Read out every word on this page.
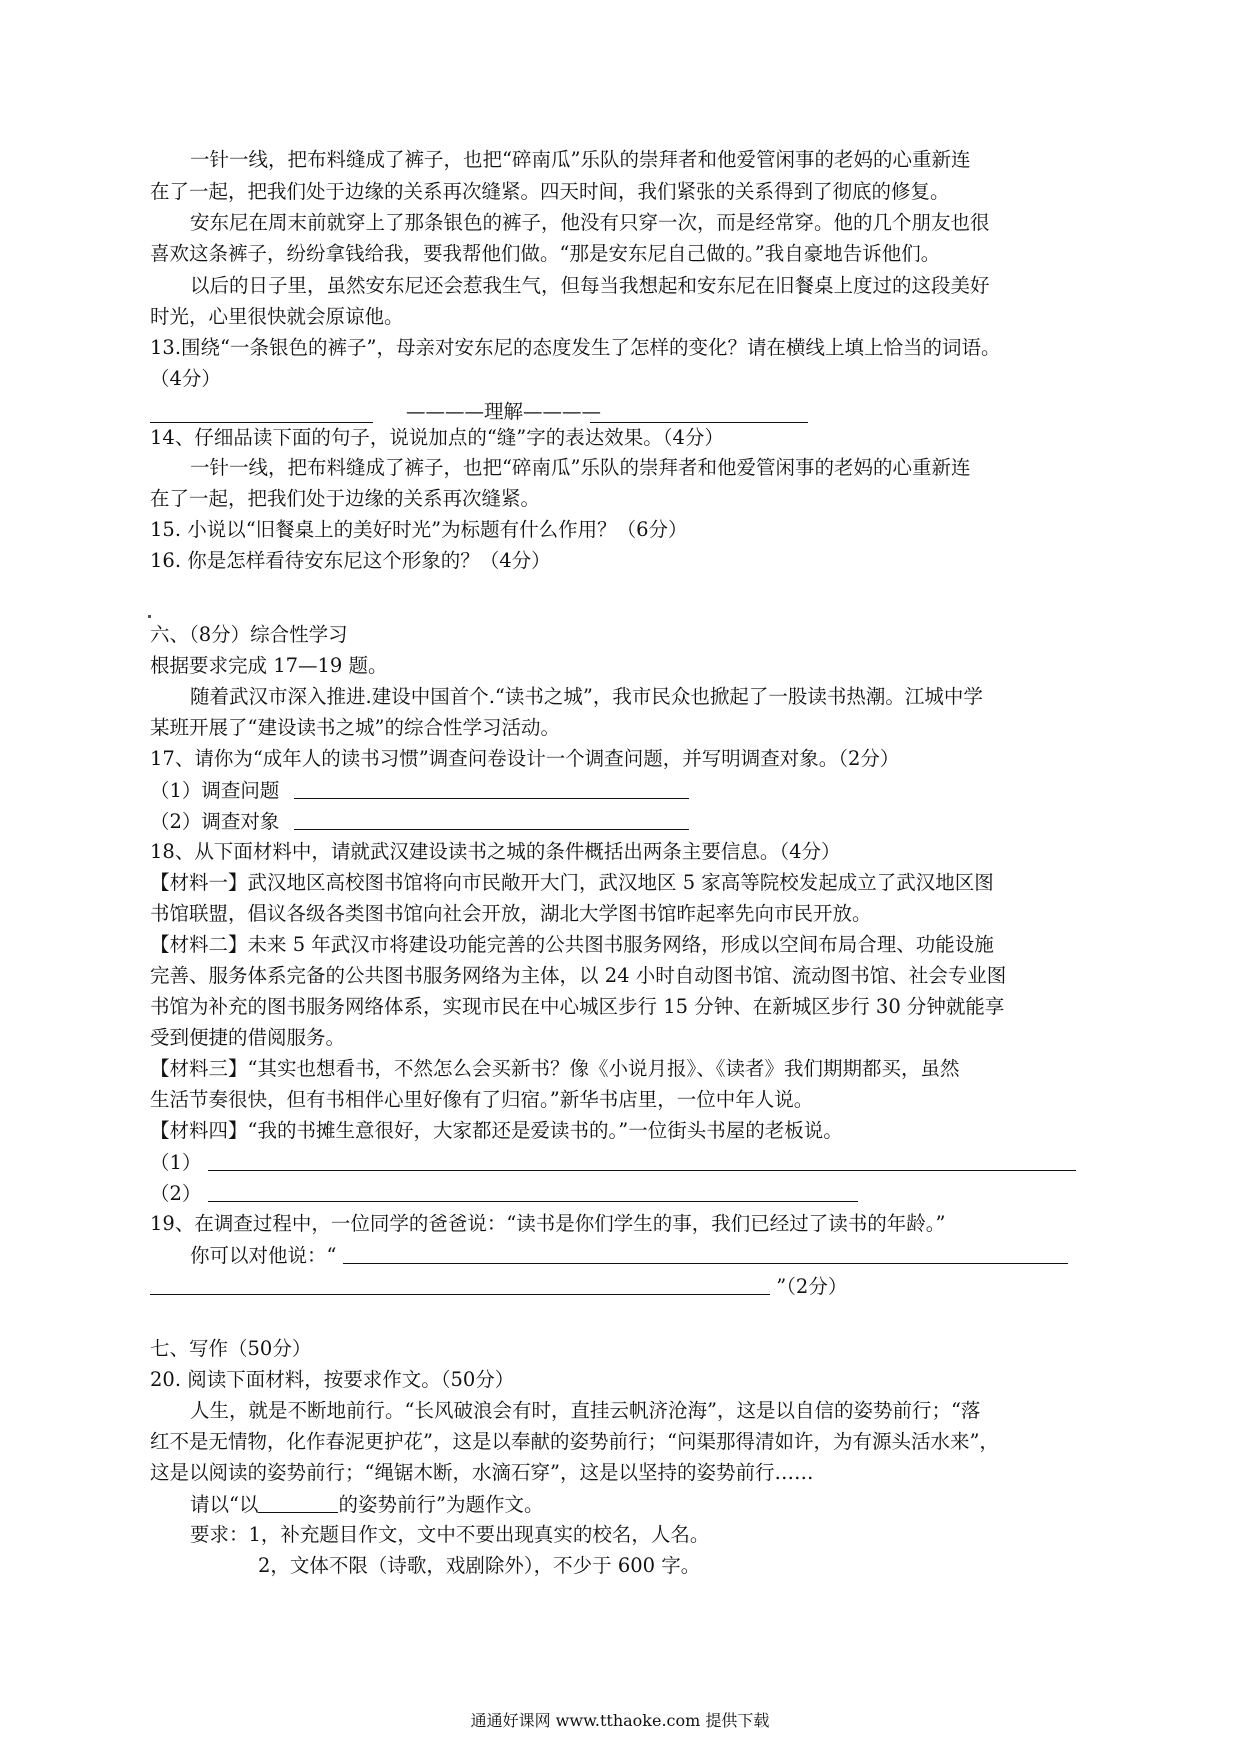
一针一线，把布料缝成了裤子，也把“碎南瓜”乐队的崇拜者和他爱管闲事的老妈的心重新连
在了一起，把我们处于边缘的关系再次缝紧。四天时间，我们紧张的关系得到了彻底的修复。
安东尼在周末前就穿上了那条银色的裤子，他没有只穿一次，而是经常穿。他的几个朋友也很
喜欢这条裤子，纷纷拿钱给我，要我帮他们做。“那是安东尼自己做的。”我自豪地告诉他们。
以后的日子里，虽然安东尼还会惹我生气，但每当我想起和安东尼在旧餐桌上度过的这段美好
时光，心里很快就会原谅他。
13.围绕“一条银色的裤子”，母亲对安东尼的态度发生了怎样的变化？请在横线上填上恰当的词语。
（4分）
————理解————
14、仔细品读下面的句子，说说加点的“缝”字的表达效果。（4分）
一针一线，把布料缝成了裤子，也把“碎南瓜”乐队的崇拜者和他爱管闲事的老妈的心重新连
在了一起，把我们处于边缘的关系再次缝紧。
15. 小说以“旧餐桌上的美好时光”为标题有什么作用？（6分）
16. 你是怎样看待安东尼这个形象的？（4分）
六、（8分）综合性学习
根据要求完成 17—19 题。
随着武汉市深入推进.建设中国首个.“读书之城”，我市民众也掀起了一股读书热潮。江城中学
某班开展了“建设读书之城”的综合性学习活动。
17、请你为“成年人的读书习惯”调查问卷设计一个调查问题，并写明调查对象。（2分）
（1）调查问题
（2）调查对象
18、从下面材料中，请就武汉建设读书之城的条件概括出两条主要信息。（4分）
【材料一】武汉地区高校图书馆将向市民敞开大门，武汉地区 5 家高等院校发起成立了武汉地区图
书馆联盟，倡议各级各类图书馆向社会开放，湖北大学图书馆昨起率先向市民开放。
【材料二】未来 5 年武汉市将建设功能完善的公共图书服务网络，形成以空间布局合理、功能设施
完善、服务体系完备的公共图书服务网络为主体，以 24 小时自动图书馆、流动图书馆、社会专业图
书馆为补充的图书服务网络体系，实现市民在中心城区步行 15 分钟、在新城区步行 30 分钟就能享
受到便捷的借阅服务。
【材料三】“其实也想看书，不然怎么会买新书？像《小说月报》、《读者》我们期期都买，虽然
生活节奏很快，但有书相伴心里好像有了归宿。”新华书店里，一位中年人说。
【材料四】“我的书摊生意很好，大家都还是爱读书的。”一位街头书屋的老板说。
（1）
（2）
19、在调查过程中，一位同学的爸爸说：“读书是你们学生的事，我们已经过了读书的年龄。”
你可以对他说：“
”（2分）
七、写作（50分）
20. 阅读下面材料，按要求作文。（50分）
人生，就是不断地前行。“长风破浪会有时，直挂云帆济沧海”，这是以自信的姿势前行；“落
红不是无情物，化作春泥更护花”，这是以奉献的姿势前行；“问渠那得清如许，为有源头活水来”，
这是以阅读的姿势前行；“绳锯木断，水滴石穿”，这是以坚持的姿势前行……
请以“以	的姿势前行”为题作文。
要求：1，补充题目作文，文中不要出现真实的校名，人名。
2，文体不限（诗歌，戏剧除外），不少于 600 字。
通通好课网 www.tthaoke.com 提供下载
